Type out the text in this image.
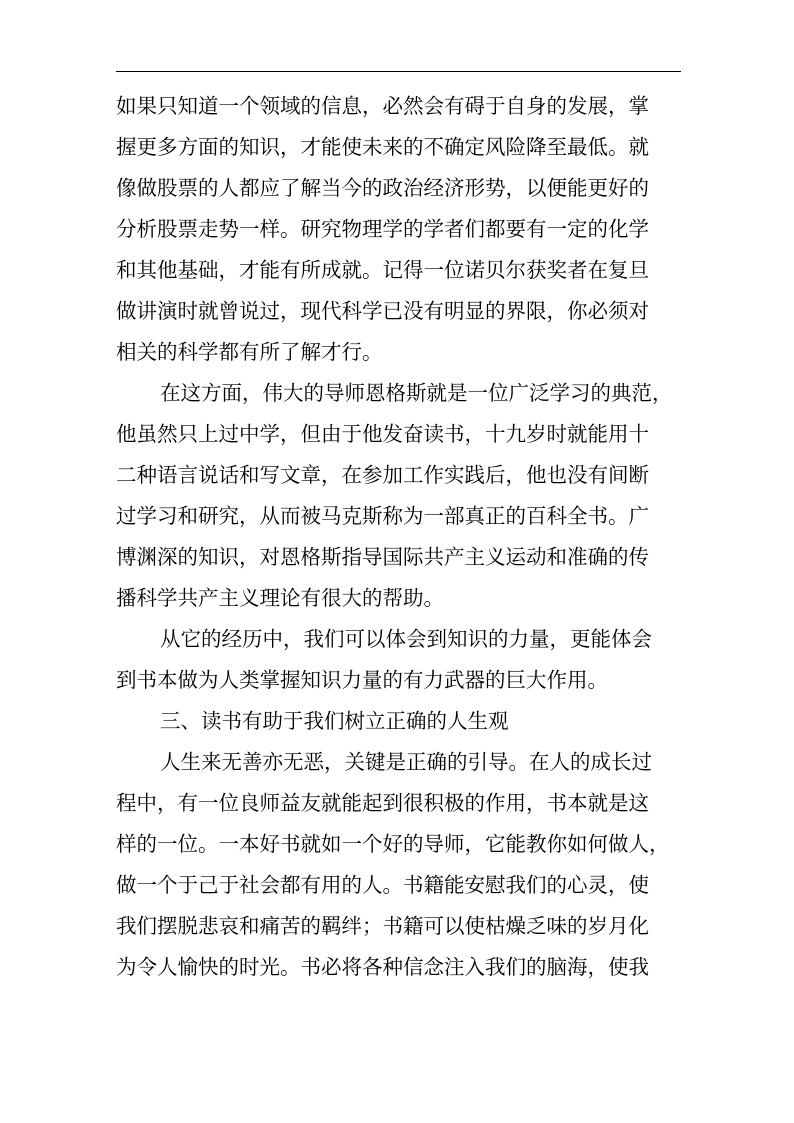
如果只知道一个领域的信息，必然会有碍于自身的发展，掌
握更多方面的知识，才能使未来的不确定风险降至最低。就
像做股票的人都应了解当今的政治经济形势，以便能更好的
分析股票走势一样。研究物理学的学者们都要有一定的化学
和其他基础，才能有所成就。记得一位诺贝尔获奖者在复旦
做讲演时就曾说过，现代科学已没有明显的界限，你必须对
相关的科学都有所了解才行。
在这方面，伟大的导师恩格斯就是一位广泛学习的典范，
他虽然只上过中学，但由于他发奋读书，十九岁时就能用十
二种语言说话和写文章，在参加工作实践后，他也没有间断
过学习和研究，从而被马克斯称为一部真正的百科全书。广
博渊深的知识，对恩格斯指导国际共产主义运动和准确的传
播科学共产主义理论有很大的帮助。
从它的经历中，我们可以体会到知识的力量，更能体会
到书本做为人类掌握知识力量的有力武器的巨大作用。
三、读书有助于我们树立正确的人生观
人生来无善亦无恶，关键是正确的引导。在人的成长过
程中，有一位良师益友就能起到很积极的作用，书本就是这
样的一位。一本好书就如一个好的导师，它能教你如何做人，
做一个于己于社会都有用的人。书籍能安慰我们的心灵，使
我们摆脱悲哀和痛苦的羁绊；书籍可以使枯燥乏味的岁月化
为令人愉快的时光。书必将各种信念注入我们的脑海，使我
